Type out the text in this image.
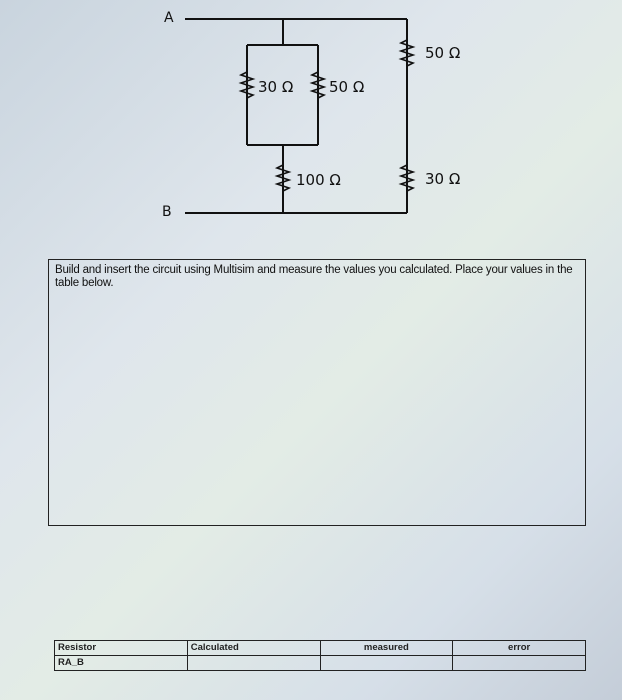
A
B
30 Ω 50 Ω
100 Ω
50 Ω
30 Ω
Build and insert the circuit using Multisim and measure the values you calculated. Place your values in the table below.
Resistor	Calculated	measured	error
RA_B			
